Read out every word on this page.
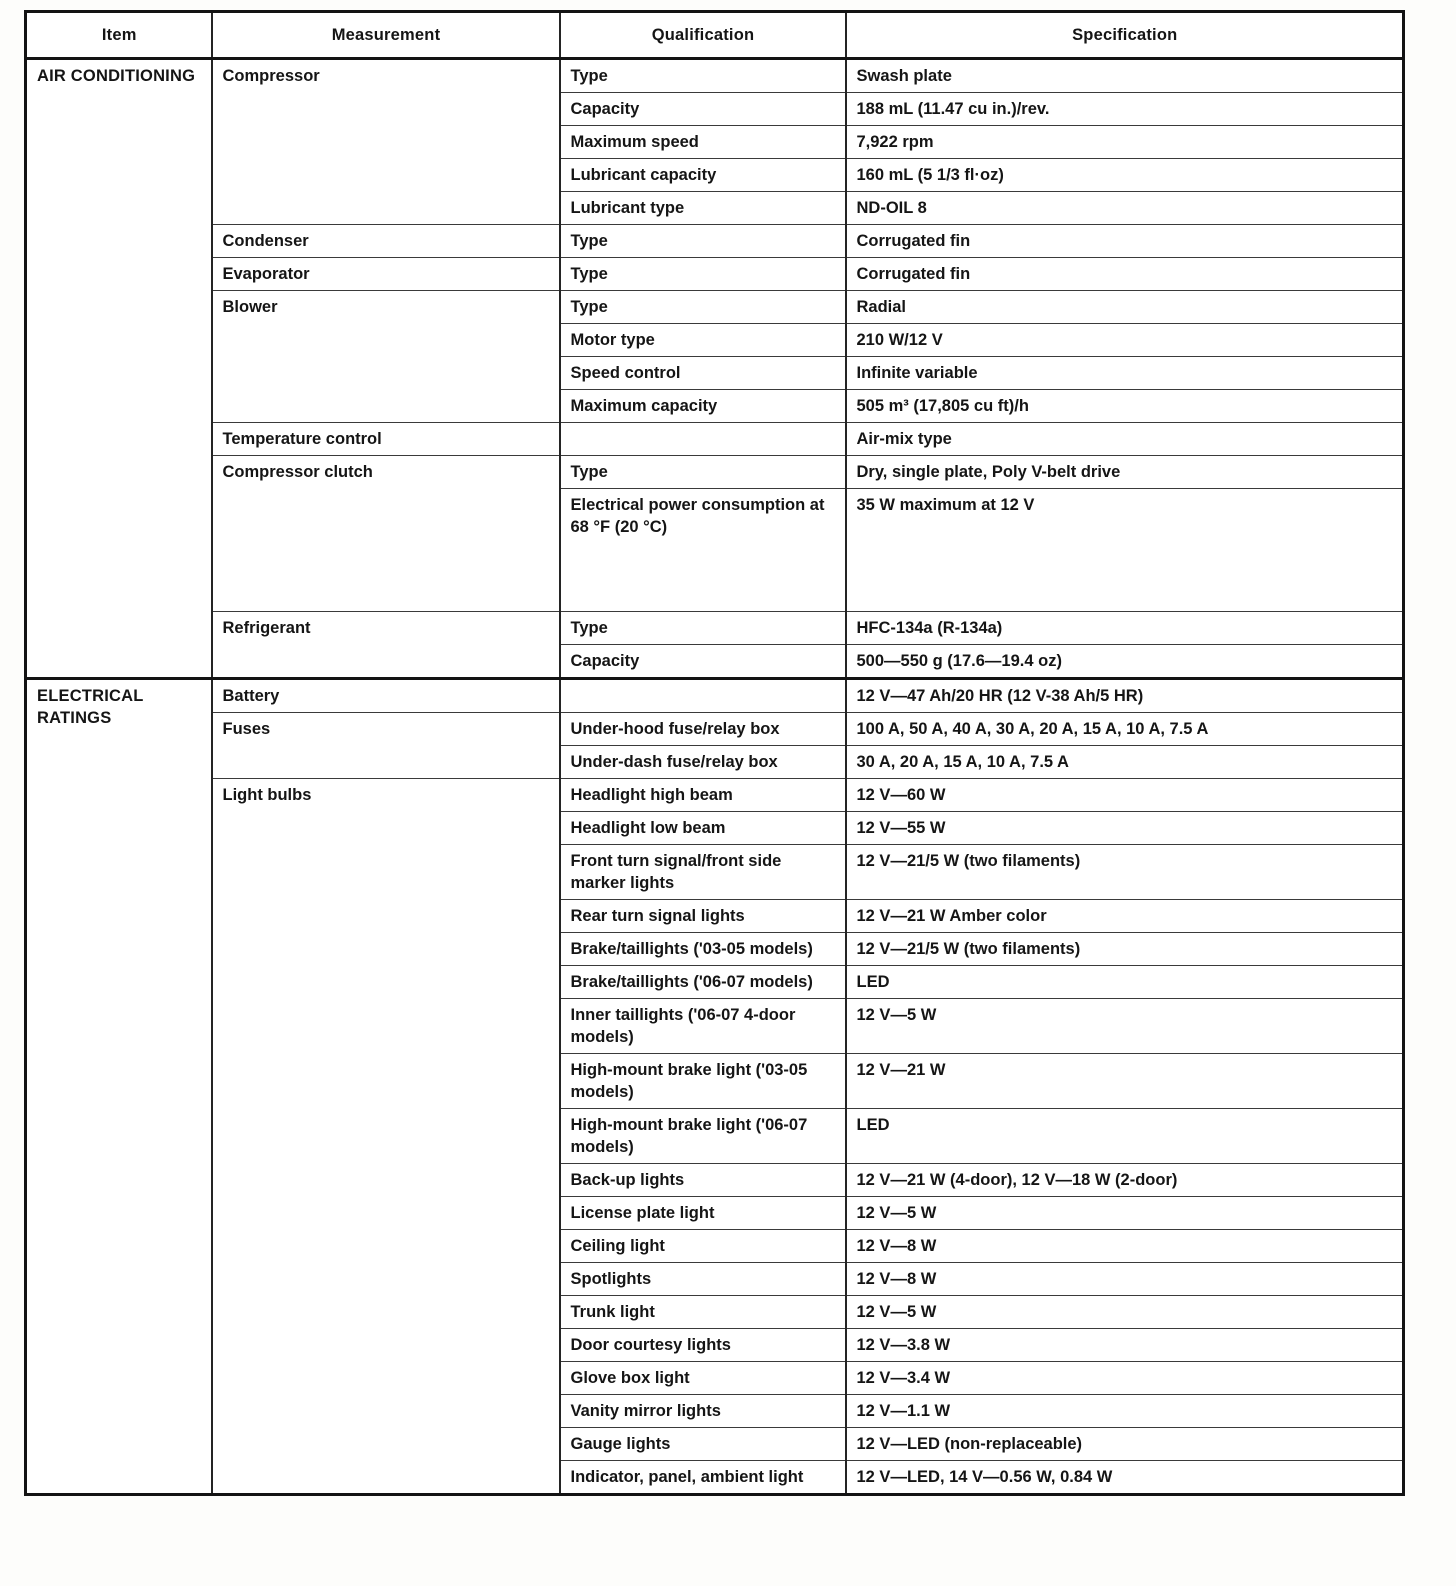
Item	Measurement	Qualification	Specification
AIR CONDITIONING	Compressor	Type	Swash plate
		Capacity	188 mL (11.47 cu in.)/rev.
		Maximum speed	7,922 rpm
		Lubricant capacity	160 mL (5 1/3 fl·oz)
		Lubricant type	ND-OIL 8
	Condenser	Type	Corrugated fin
	Evaporator	Type	Corrugated fin
	Blower	Type	Radial
		Motor type	210 W/12 V
		Speed control	Infinite variable
		Maximum capacity	505 m³ (17,805 cu ft)/h
	Temperature control		Air-mix type
	Compressor clutch	Type	Dry, single plate, Poly V-belt drive
		Electrical power consumption at 68 °F (20 °C)	35 W maximum at 12 V
	Refrigerant	Type	HFC-134a (R-134a)
		Capacity	500—550 g (17.6—19.4 oz)
ELECTRICAL RATINGS	Battery		12 V—47 Ah/20 HR (12 V-38 Ah/5 HR)
	Fuses	Under-hood fuse/relay box	100 A, 50 A, 40 A, 30 A, 20 A, 15 A, 10 A, 7.5 A
		Under-dash fuse/relay box	30 A, 20 A, 15 A, 10 A, 7.5 A
	Light bulbs	Headlight high beam	12 V—60 W
		Headlight low beam	12 V—55 W
		Front turn signal/front side marker lights	12 V—21/5 W (two filaments)
		Rear turn signal lights	12 V—21 W Amber color
		Brake/taillights ('03-05 models)	12 V—21/5 W (two filaments)
		Brake/taillights ('06-07 models)	LED
		Inner taillights ('06-07 4-door models)	12 V—5 W
		High-mount brake light ('03-05 models)	12 V—21 W
		High-mount brake light ('06-07 models)	LED
		Back-up lights	12 V—21 W (4-door), 12 V—18 W (2-door)
		License plate light	12 V—5 W
		Ceiling light	12 V—8 W
		Spotlights	12 V—8 W
		Trunk light	12 V—5 W
		Door courtesy lights	12 V—3.8 W
		Glove box light	12 V—3.4 W
		Vanity mirror lights	12 V—1.1 W
		Gauge lights	12 V—LED (non-replaceable)
		Indicator, panel, ambient light	12 V—LED, 14 V—0.56 W, 0.84 W
